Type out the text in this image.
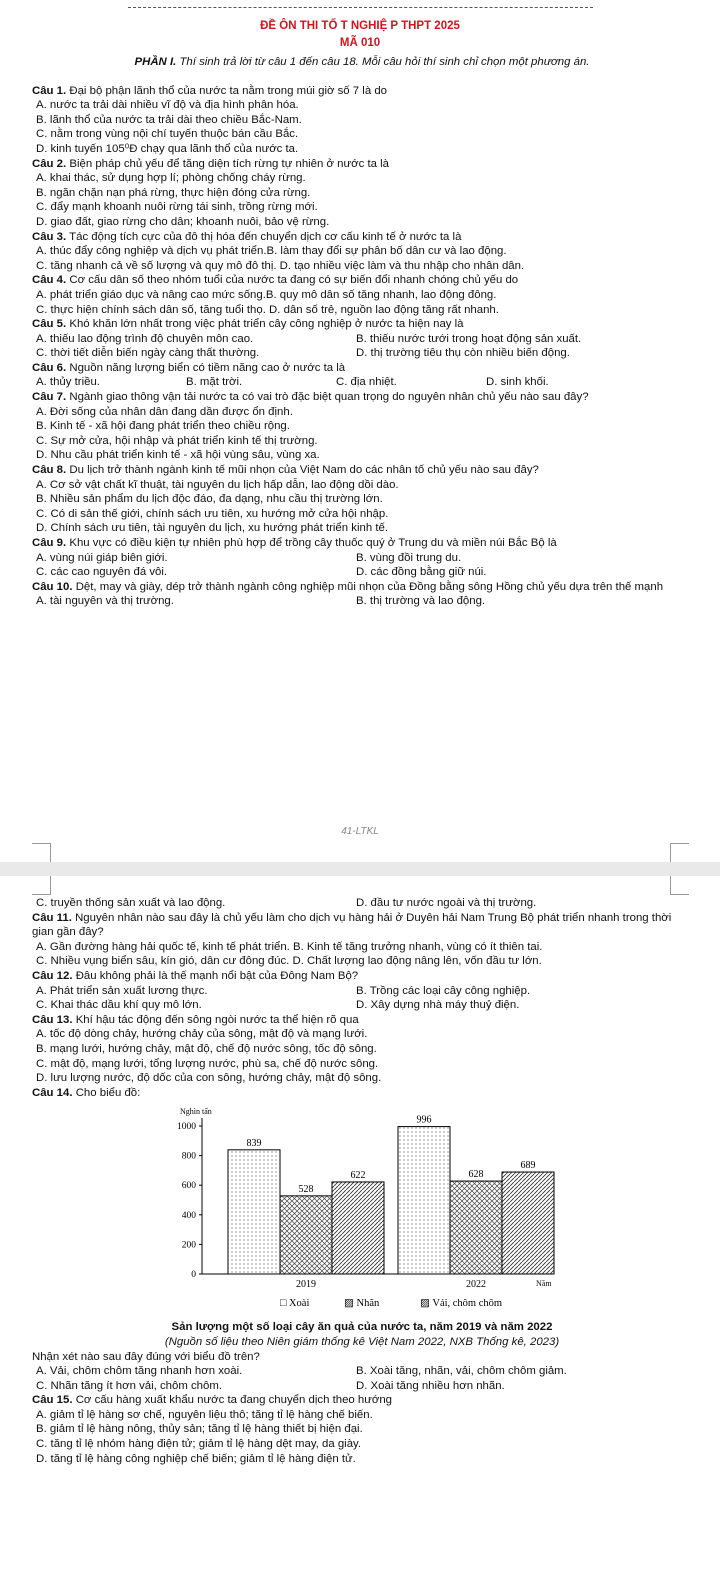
ĐỀ ÔN THI TỐ T NGHIỆ P THPT 2025
MÃ 010
PHẦN I. Thí sinh trả lời từ câu 1 đến câu 18. Mỗi câu hỏi thí sinh chỉ chọn một phương án.
Câu 1. Đại bộ phận lãnh thổ của nước ta nằm trong múi giờ số 7 là do
A. nước ta trải dài nhiều vĩ độ và địa hình phân hóa.
B. lãnh thổ của nước ta trải dài theo chiều Bắc-Nam.
C. nằm trong vùng nội chí tuyến thuộc bán cầu Bắc.
D. kinh tuyến 105⁰Đ chạy qua lãnh thổ của nước ta.
Câu 2. Biện pháp chủ yếu để tăng diện tích rừng tự nhiên ở nước ta là
A. khai thác, sử dụng hợp lí; phòng chống cháy rừng.
B. ngăn chặn nạn phá rừng, thực hiện đóng cửa rừng.
C. đẩy mạnh khoanh nuôi rừng tái sinh, trồng rừng mới.
D. giao đất, giao rừng cho dân; khoanh nuôi, bảo vệ rừng.
Câu 3. Tác động tích cực của đô thị hóa đến chuyển dịch cơ cấu kinh tế ở nước ta là
A. thúc đẩy công nghiệp và dịch vụ phát triển.B. làm thay đổi sự phân bố dân cư và lao động.
C. tăng nhanh cả về số lượng và quy mô đô thị. D. tạo nhiều việc làm và thu nhập cho nhân dân.
Câu 4. Cơ cấu dân số theo nhóm tuổi của nước ta đang có sự biến đổi nhanh chóng chủ yếu do
A. phát triển giáo dục và nâng cao mức sống.B. quy mô dân số tăng nhanh, lao động đông.
C. thực hiện chính sách dân số, tăng tuổi thọ. D. dân số trẻ, nguồn lao động tăng rất nhanh.
Câu 5. Khó khăn lớn nhất trong việc phát triển cây công nghiệp ở nước ta hiện nay là
A. thiếu lao động trình độ chuyên môn cao.	B. thiếu nước tưới trong hoạt động sản xuất.
C. thời tiết diễn biến ngày càng thất thường.	D. thị trường tiêu thụ còn nhiều biến động.
Câu 6. Nguồn năng lượng biển có tiềm năng cao ở nước ta là
A. thủy triều.	B. mặt trời.	C. địa nhiệt.	D. sinh khối.
Câu 7. Ngành giao thông vận tải nước ta có vai trò đặc biệt quan trọng do nguyên nhân chủ yếu nào sau đây?
A. Đời sống của nhân dân đang dần được ổn định.
B. Kinh tế - xã hội đang phát triển theo chiều rộng.
C. Sự mở cửa, hội nhập và phát triển kinh tế thị trường.
D. Nhu cầu phát triển kinh tế - xã hội vùng sâu, vùng xa.
Câu 8. Du lịch trở thành ngành kinh tế mũi nhọn của Việt Nam do các nhân tố chủ yếu nào sau đây?
A. Cơ sở vật chất kĩ thuật, tài nguyên du lịch hấp dẫn, lao động dồi dào.
B. Nhiều sản phẩm du lịch độc đáo, đa dạng, nhu cầu thị trường lớn.
C. Có di sản thế giới, chính sách ưu tiên, xu hướng mở cửa hội nhập.
D. Chính sách ưu tiên, tài nguyên du lịch, xu hướng phát triển kinh tế.
Câu 9. Khu vực có điều kiện tự nhiên phù hợp để trồng cây thuốc quý ở Trung du và miền núi Bắc Bộ là
A. vùng núi giáp biên giới.	B. vùng đồi trung du.
C. các cao nguyên đá vôi.	D. các đồng bằng giữ núi.
Câu 10. Dệt, may và giày, dép trở thành ngành công nghiệp mũi nhọn của Đồng bằng sông Hồng chủ yếu dựa trên thế mạnh
A. tài nguyên và thị trường.	B. thị trường và lao động.
41-LTKL
C. truyền thống sản xuất và lao động.	D. đầu tư nước ngoài và thị trường.
Câu 11. Nguyên nhân nào sau đây là chủ yếu làm cho dịch vụ hàng hải ở Duyên hải Nam Trung Bộ phát triển nhanh trong thời gian gần đây?
A. Gần đường hàng hải quốc tế, kinh tế phát triển. B. Kinh tế tăng trưởng nhanh, vùng có ít thiên tai.
C. Nhiều vụng biển sâu, kín gió, dân cư đông đúc. D. Chất lượng lao động nâng lên, vốn đầu tư lớn.
Câu 12. Đâu không phải là thế mạnh nổi bật của Đông Nam Bộ?
A. Phát triển sản xuất lương thực.	B. Trồng các loại cây công nghiệp.
C. Khai thác dầu khí quy mô lớn.	D. Xây dựng nhà máy thuỷ điện.
Câu 13. Khí hậu tác động đến sông ngòi nước ta thể hiện rõ qua
A. tốc độ dòng chảy, hướng chảy của sông, mật độ và mạng lưới.
B. mạng lưới, hướng chảy, mật độ, chế độ nước sông, tốc độ sông.
C. mật độ, mạng lưới, tổng lượng nước, phù sa, chế độ nước sông.
D. lưu lượng nước, độ dốc của con sông, hướng chảy, mật độ sông.
Câu 14. Cho biểu đồ:
Nghìn tấn
Năm
0
200
400
600
800
1000
839
528
622
2019
996
628
689
2022
□ Xoài	▨ Nhãn	▨ Vải, chôm chôm
Sản lượng một số loại cây ăn quả của nước ta, năm 2019 và năm 2022
(Nguồn số liệu theo Niên giám thống kê Việt Nam 2022, NXB Thống kê, 2023)
Nhận xét nào sau đây đúng với biểu đồ trên?
A. Vải, chôm chôm tăng nhanh hơn xoài.	B. Xoài tăng, nhãn, vải, chôm chôm giảm.
C. Nhãn tăng ít hơn vải, chôm chôm.	D. Xoài tăng nhiều hơn nhãn.
Câu 15. Cơ cấu hàng xuất khẩu nước ta đang chuyển dịch theo hướng
A. giảm tỉ lệ hàng sơ chế, nguyên liệu thô; tăng tỉ lệ hàng chế biến.
B. giảm tỉ lệ hàng nông, thủy sản; tăng tỉ lệ hàng thiết bị hiện đại.
C. tăng tỉ lệ nhóm hàng điện tử; giảm tỉ lệ hàng dệt may, da giày.
D. tăng tỉ lệ hàng công nghiệp chế biến; giảm tỉ lệ hàng điện tử.
